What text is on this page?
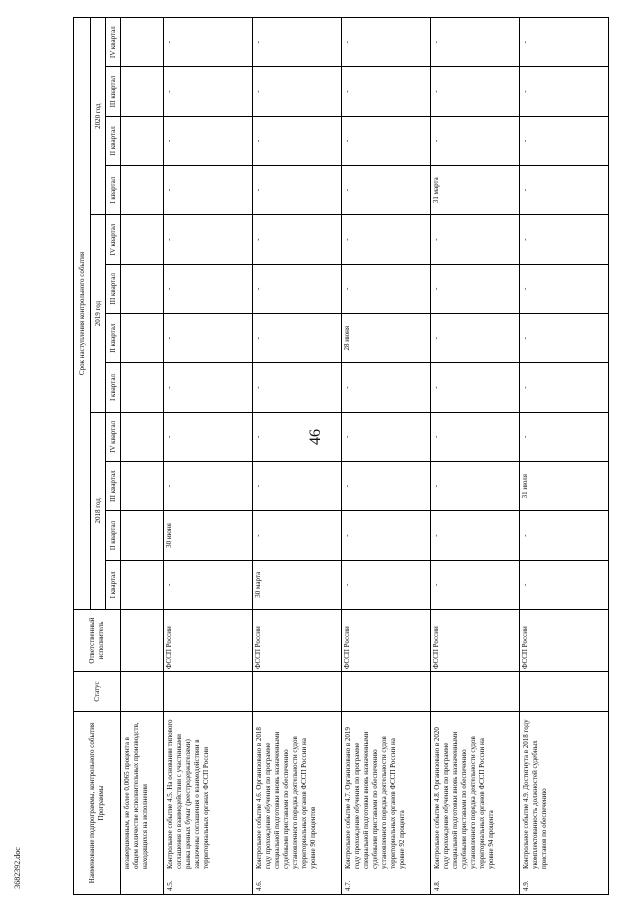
46
3682392.doc	Наименование подпрограммы, контрольного события Программы	Статус	Ответственный исполнитель	Срок наступления контрольного события											
			2018 год				2019 год				2020 год			
			I квартал	II квартал	III квартал	IV квартал	I квартал	II квартал	III квартал	IV квартал	I квартал	II квартал	III квартал	IV квартал
незавершенным, не более 0,0065 процента в общем количестве исполнительных производств, находящихся на исполнении														
4.5.Контрольное событие 4.5. На основании типового соглашения о взаимодействии с участниками рынка ценных бумаг (реестродержателями) заключены соглашения о взаимодействии в территориальных органах ФССП России		ФССП России	-	30 июня	-	-	-	-	-	-	-	-	-	-
4.6.Контрольное событие 4.6. Организовано в 2018 году прохождение обучения по программе специальной подготовки вновь назначенными судебными приставами по обеспечению установленного порядка деятельности судов территориальных органов ФССП России на уровне 90 процентов		ФССП России	30 марта	-	-	-	-	-	-	-	-	-	-	-
4.7.Контрольное событие 4.7. Организовано в 2019 году прохождение обучения по программе специальной подготовки вновь назначенными судебными приставами по обеспечению установленного порядка деятельности судов территориальных органов ФССП России на уровне 92 процента		ФССП России	-	-	-	-	-	28 июня	-	-	-	-	-	-
4.8.Контрольное событие 4.8. Организовано в 2020 году прохождение обучения по программе специальной подготовки вновь назначенными судебными приставами по обеспечению установленного порядка деятельности судов территориальных органов ФССП России на уровне 94 процента		ФССП России	-	-	-	-	-	-	-	-	31 марта	-	-	-
4.9.Контрольное событие 4.9. Достигнута в 2018 году укомплектованность должностей судебных приставов по обеспечению		ФССП России	-	-	31 июля	-	-	-	-	-	-	-	-	-
